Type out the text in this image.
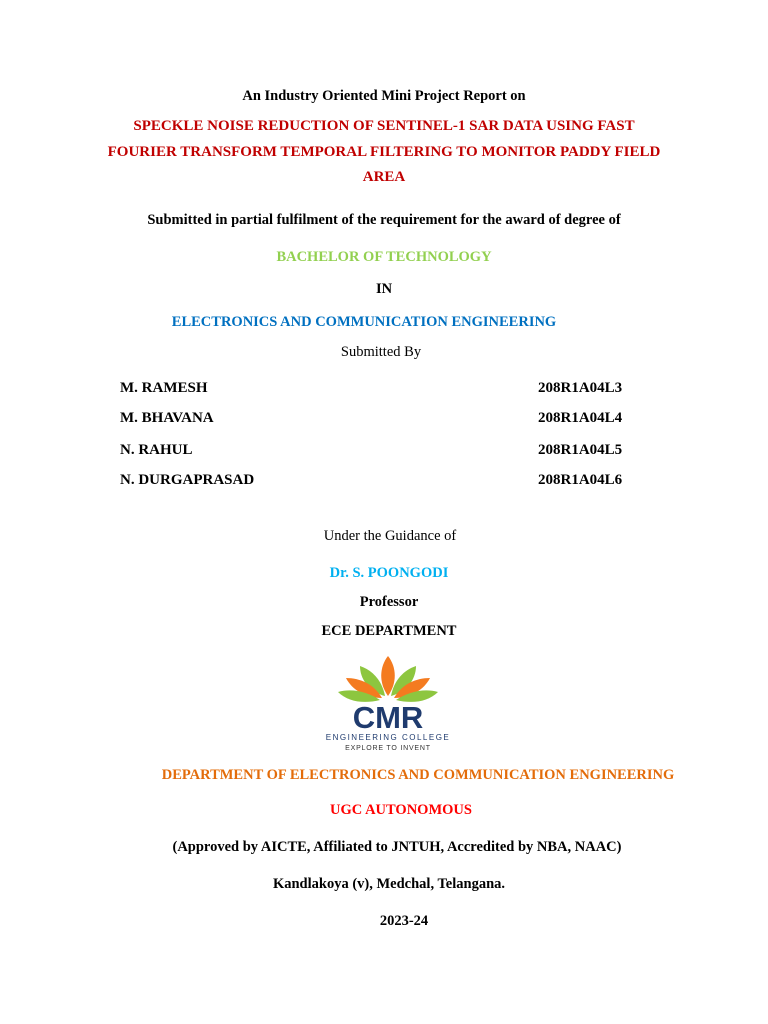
An Industry Oriented Mini Project Report on
SPECKLE NOISE REDUCTION OF SENTINEL-1 SAR DATA USING FAST
FOURIER TRANSFORM TEMPORAL FILTERING TO MONITOR PADDY FIELD
AREA
Submitted in partial fulfilment of the requirement for the award of degree of
BACHELOR OF TECHNOLOGY
IN
ELECTRONICS AND COMMUNICATION ENGINEERING
Submitted By
M. RAMESH	208R1A04L3
M. BHAVANA	208R1A04L4
N. RAHUL	208R1A04L5
N. DURGAPRASAD	208R1A04L6
Under the Guidance of
Dr. S. POONGODI
Professor
ECE DEPARTMENT
CMR
ENGINEERING COLLEGE
EXPLORE TO INVENT
DEPARTMENT OF ELECTRONICS AND COMMUNICATION ENGINEERING
UGC AUTONOMOUS
(Approved by AICTE, Affiliated to JNTUH, Accredited by NBA, NAAC)
Kandlakoya (v), Medchal, Telangana.
2023-24
